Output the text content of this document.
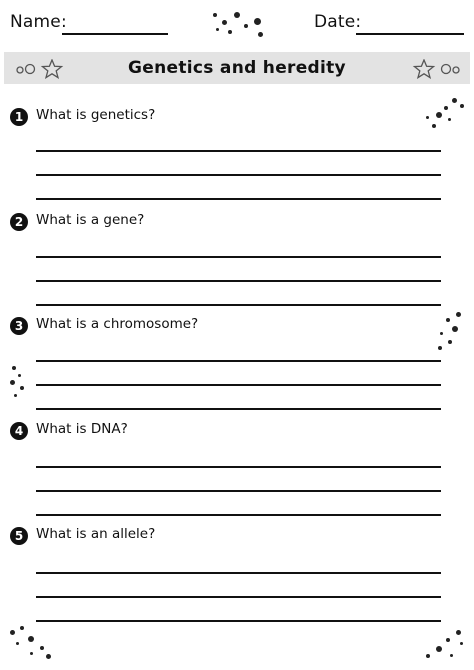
Name:	Date:
Genetics and heredity
1 What is genetics?
2 What is a gene?
3 What is a chromosome?
4 What is DNA?
5 What is an allele?
